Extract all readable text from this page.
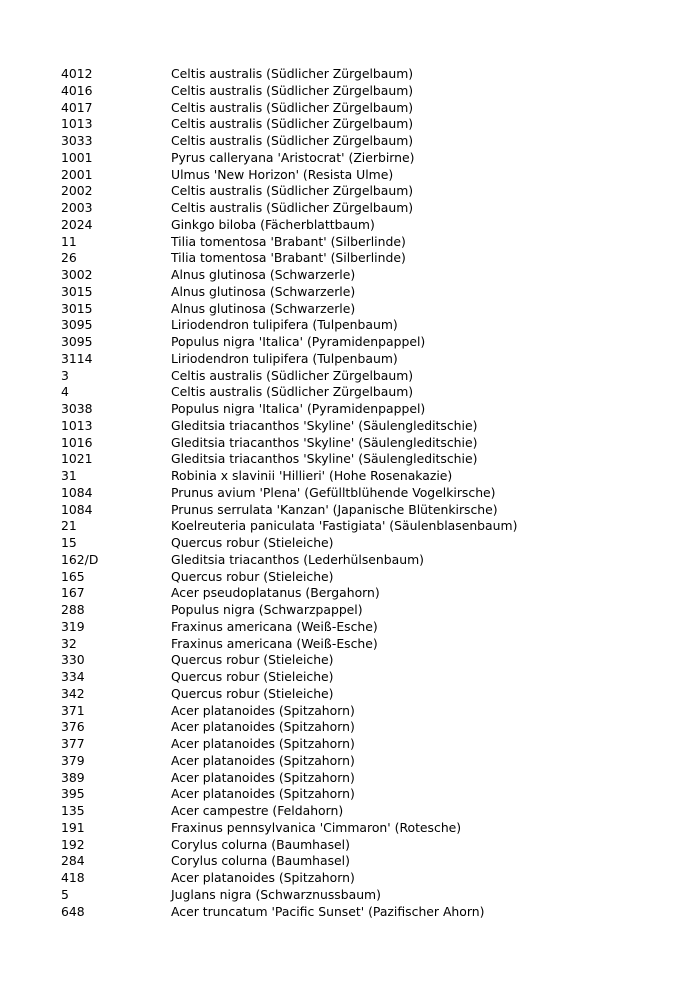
4012	Celtis australis (Südlicher Zürgelbaum)
4016	Celtis australis (Südlicher Zürgelbaum)
4017	Celtis australis (Südlicher Zürgelbaum)
1013	Celtis australis (Südlicher Zürgelbaum)
3033	Celtis australis (Südlicher Zürgelbaum)
1001	Pyrus calleryana 'Aristocrat' (Zierbirne)
2001	Ulmus 'New Horizon' (Resista Ulme)
2002	Celtis australis (Südlicher Zürgelbaum)
2003	Celtis australis (Südlicher Zürgelbaum)
2024	Ginkgo biloba (Fächerblattbaum)
11	Tilia tomentosa 'Brabant' (Silberlinde)
26	Tilia tomentosa 'Brabant' (Silberlinde)
3002	Alnus glutinosa (Schwarzerle)
3015	Alnus glutinosa (Schwarzerle)
3015	Alnus glutinosa (Schwarzerle)
3095	Liriodendron tulipifera (Tulpenbaum)
3095	Populus nigra 'Italica' (Pyramidenpappel)
3114	Liriodendron tulipifera (Tulpenbaum)
3	Celtis australis (Südlicher Zürgelbaum)
4	Celtis australis (Südlicher Zürgelbaum)
3038	Populus nigra 'Italica' (Pyramidenpappel)
1013	Gleditsia triacanthos 'Skyline' (Säulengleditschie)
1016	Gleditsia triacanthos 'Skyline' (Säulengleditschie)
1021	Gleditsia triacanthos 'Skyline' (Säulengleditschie)
31	Robinia x slavinii 'Hillieri' (Hohe Rosenakazie)
1084	Prunus avium 'Plena' (Gefülltblühende Vogelkirsche)
1084	Prunus serrulata 'Kanzan' (Japanische Blütenkirsche)
21	Koelreuteria paniculata 'Fastigiata' (Säulenblasenbaum)
15	Quercus robur (Stieleiche)
162/D	Gleditsia triacanthos (Lederhülsenbaum)
165	Quercus robur (Stieleiche)
167	Acer pseudoplatanus (Bergahorn)
288	Populus nigra (Schwarzpappel)
319	Fraxinus americana (Weiß-Esche)
32	Fraxinus americana (Weiß-Esche)
330	Quercus robur (Stieleiche)
334	Quercus robur (Stieleiche)
342	Quercus robur (Stieleiche)
371	Acer platanoides (Spitzahorn)
376	Acer platanoides (Spitzahorn)
377	Acer platanoides (Spitzahorn)
379	Acer platanoides (Spitzahorn)
389	Acer platanoides (Spitzahorn)
395	Acer platanoides (Spitzahorn)
135	Acer campestre (Feldahorn)
191	Fraxinus pennsylvanica 'Cimmaron' (Rotesche)
192	Corylus colurna (Baumhasel)
284	Corylus colurna (Baumhasel)
418	Acer platanoides (Spitzahorn)
5	Juglans nigra (Schwarznussbaum)
648	Acer truncatum 'Pacific Sunset' (Pazifischer Ahorn)
